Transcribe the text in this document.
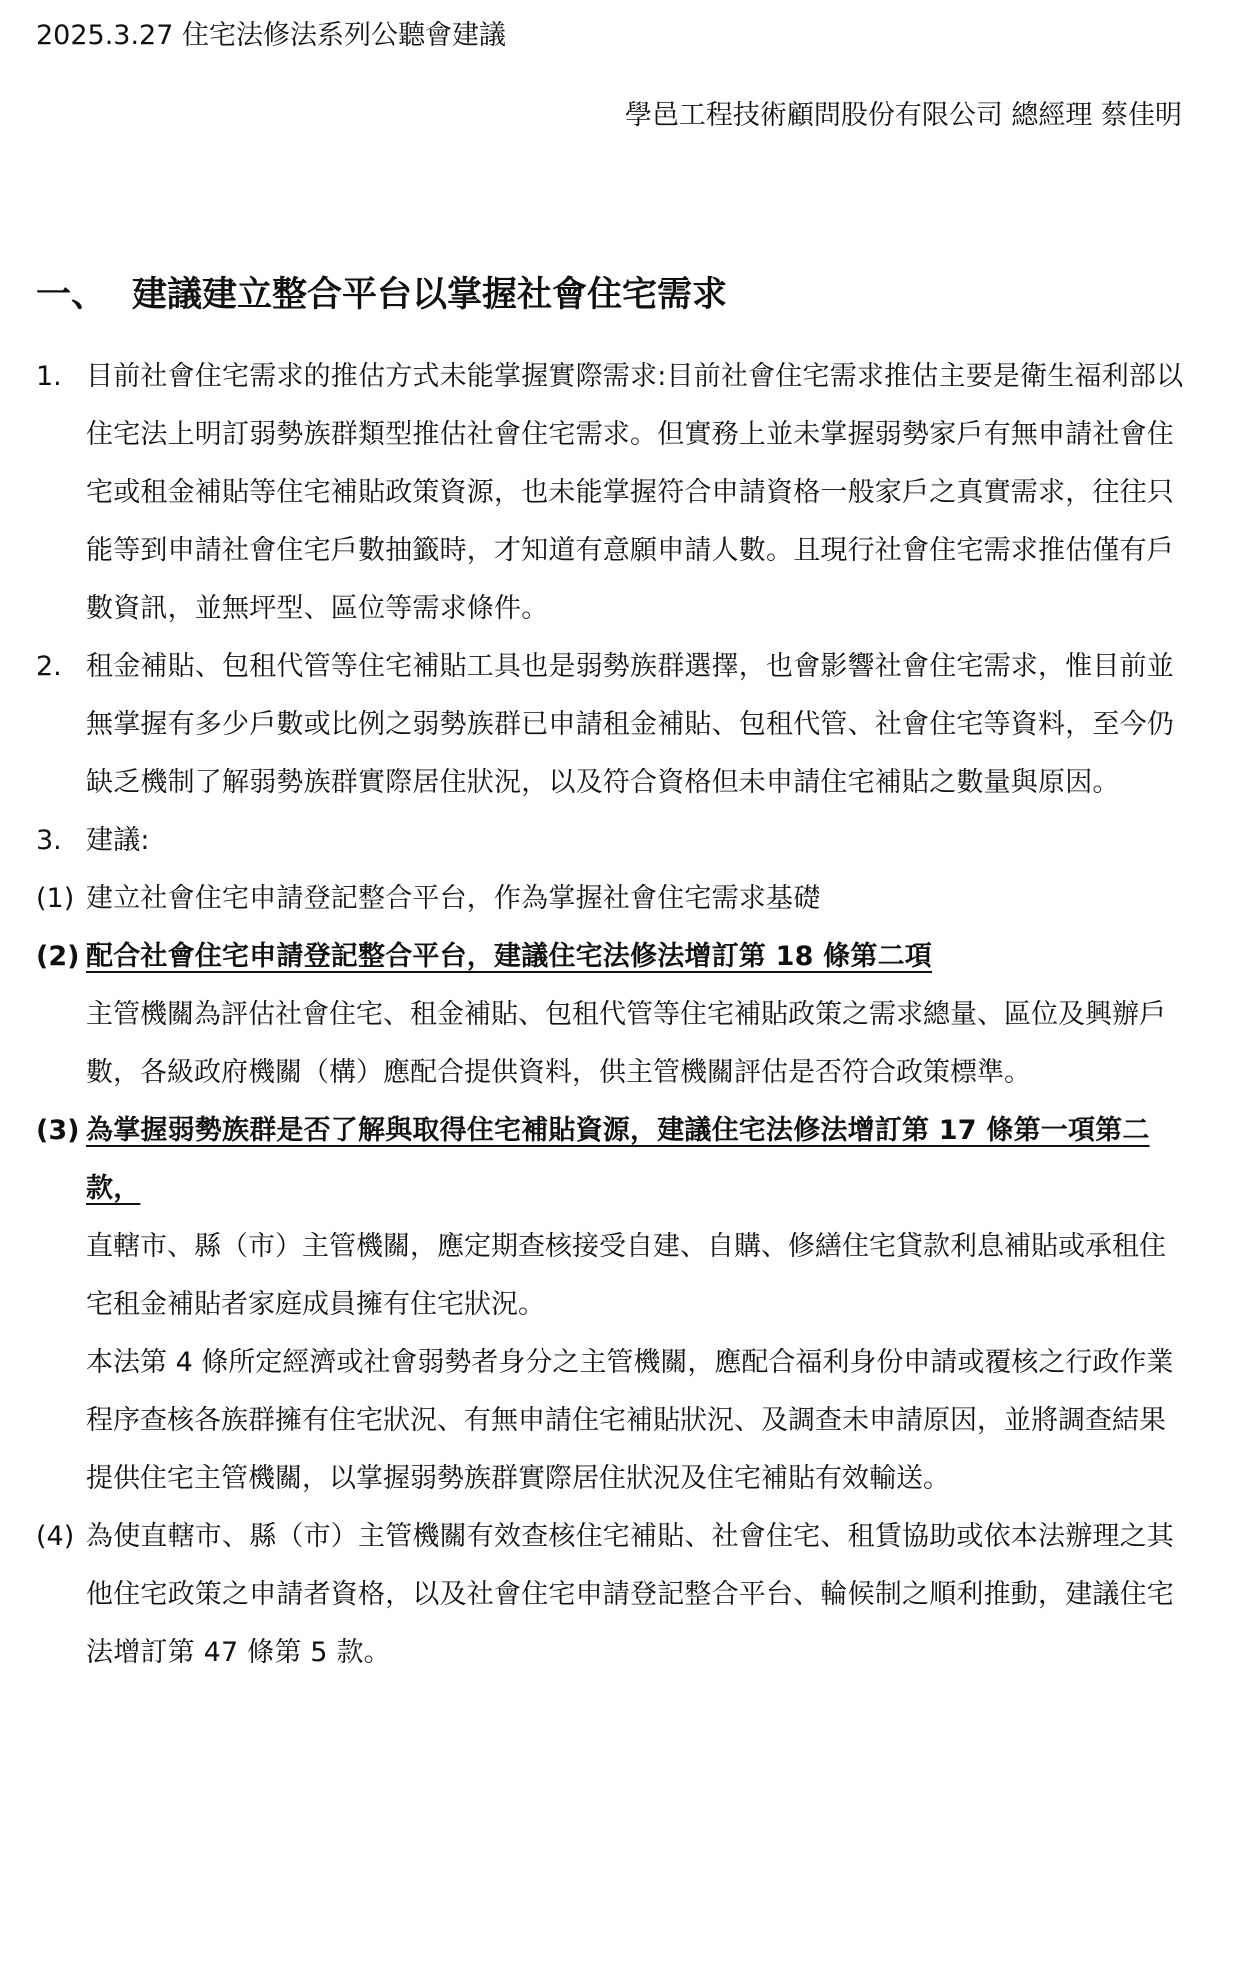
2025.3.27 住宅法修法系列公聽會建議
學邑工程技術顧問股份有限公司 總經理 蔡佳明
一、 建議建立整合平台以掌握社會住宅需求
1. 目前社會住宅需求的推估方式未能掌握實際需求:目前社會住宅需求推估主要是衛生福利部以住宅法上明訂弱勢族群類型推估社會住宅需求。但實務上並未掌握弱勢家戶有無申請社會住宅或租金補貼等住宅補貼政策資源，也未能掌握符合申請資格一般家戶之真實需求，往往只能等到申請社會住宅戶數抽籤時，才知道有意願申請人數。且現行社會住宅需求推估僅有戶數資訊，並無坪型、區位等需求條件。
2. 租金補貼、包租代管等住宅補貼工具也是弱勢族群選擇，也會影響社會住宅需求，惟目前並無掌握有多少戶數或比例之弱勢族群已申請租金補貼、包租代管、社會住宅等資料，至今仍缺乏機制了解弱勢族群實際居住狀況，以及符合資格但未申請住宅補貼之數量與原因。
3. 建議:
(1) 建立社會住宅申請登記整合平台，作為掌握社會住宅需求基礎
(2) 配合社會住宅申請登記整合平台，建議住宅法修法增訂第 18 條第二項
主管機關為評估社會住宅、租金補貼、包租代管等住宅補貼政策之需求總量、區位及興辦戶數，各級政府機關（構）應配合提供資料，供主管機關評估是否符合政策標準。
(3) 為掌握弱勢族群是否了解與取得住宅補貼資源，建議住宅法修法增訂第 17 條第一項第二款，
直轄市、縣（市）主管機關，應定期查核接受自建、自購、修繕住宅貸款利息補貼或承租住宅租金補貼者家庭成員擁有住宅狀況。
本法第 4 條所定經濟或社會弱勢者身分之主管機關，應配合福利身份申請或覆核之行政作業程序查核各族群擁有住宅狀況、有無申請住宅補貼狀況、及調查未申請原因，並將調查結果提供住宅主管機關，以掌握弱勢族群實際居住狀況及住宅補貼有效輸送。
(4) 為使直轄市、縣（市）主管機關有效查核住宅補貼、社會住宅、租賃協助或依本法辦理之其他住宅政策之申請者資格，以及社會住宅申請登記整合平台、輪候制之順利推動，建議住宅法增訂第 47 條第 5 款。
